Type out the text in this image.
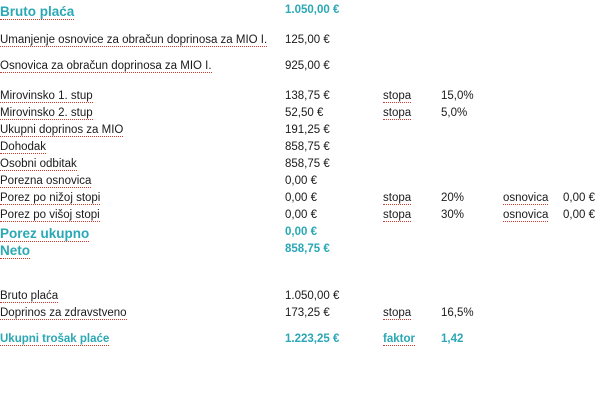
Bruto plaća	1.050,00 €				

Umanjenje osnovice za obračun doprinosa za MIO I.	125,00 €				

Osnovica za obračun doprinosa za MIO I.	925,00 €				

Mirovinsko 1. stup	138,75 €	stopa	15,0%		
Mirovinsko 2. stup	52,50 €	stopa	5,0%		
Ukupni doprinos za MIO	191,25 €				
Dohodak	858,75 €				
Osobni odbitak	858,75 €				
Porezna osnovica	0,00 €				
Porez po nižoj stopi	0,00 €	stopa	20%	osnovica	0,00 €
Porez po višoj stopi	0,00 €	stopa	30%	osnovica	0,00 €
Porez ukupno	0,00 €				
Neto	858,75 €				
Bruto plaća	1.050,00 €				
Doprinos za zdravstveno	173,25 €	stopa	16,5%		

Ukupni trošak plaće	1.223,25 €	faktor	1,42		
